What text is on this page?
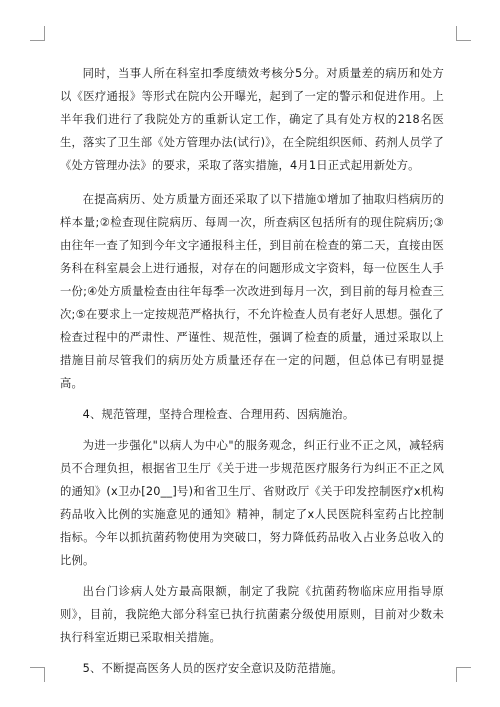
同时，当事人所在科室扣季度绩效考核分5分。对质量差的病历和处方以《医疗通报》等形式在院内公开曝光，起到了一定的警示和促进作用。上半年我们进行了我院处方的重新认定工作，确定了具有处方权的218名医生，落实了卫生部《处方管理办法(试行)》，在全院组织医师、药剂人员学了《处方管理办法》的要求，采取了落实措施，4月1日正式起用新处方。

在提高病历、处方质量方面还采取了以下措施①增加了抽取归档病历的样本量;②检查现住院病历、每周一次，所查病区包括所有的现住院病历;③由往年一查了知到今年文字通报科主任，到目前在检查的第二天，直接由医务科在科室晨会上进行通报，对存在的问题形成文字资料，每一位医生人手一份;④处方质量检查由往年每季一次改进到每月一次，到目前的每月检查三次;⑤在要求上一定按规范严格执行，不允许检查人员有老好人思想。强化了检查过程中的严肃性、严谨性、规范性，强调了检查的质量，通过采取以上措施目前尽管我们的病历处方质量还存在一定的问题，但总体已有明显提高。

4、规范管理，坚持合理检查、合理用药、因病施治。

为进一步强化"以病人为中心"的服务观念，纠正行业不正之风，减轻病员不合理负担，根据省卫生厅《关于进一步规范医疗服务行为纠正不正之风的通知》(x卫办[20__]号)和省卫生厅、省财政厅《关于印发控制医疗x机构药品收入比例的实施意见的通知》精神，制定了x人民医院科室药占比控制指标。今年以抓抗菌药物使用为突破口，努力降低药品收入占业务总收入的比例。

出台门诊病人处方最高限额，制定了我院《抗菌药物临床应用指导原则》，目前，我院绝大部分科室已执行抗菌素分级使用原则，目前对少数未执行科室近期已采取相关措施。

5、不断提高医务人员的医疗安全意识及防范措施。
